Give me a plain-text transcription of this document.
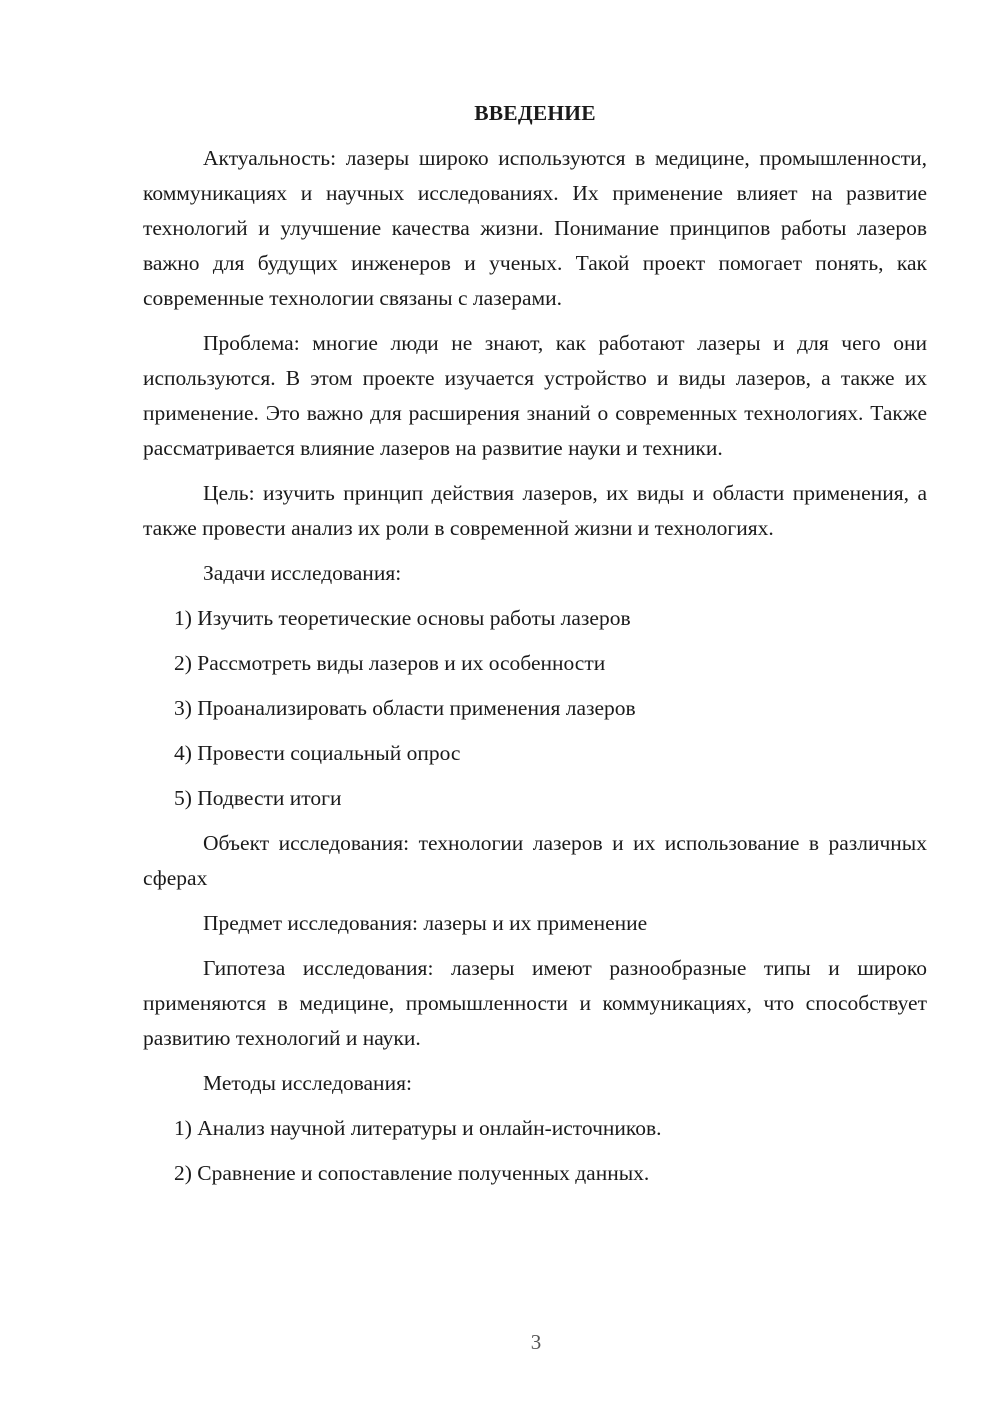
ВВЕДЕНИЕ
Актуальность: лазеры широко используются в медицине, промышленности, коммуникациях и научных исследованиях. Их применение влияет на развитие технологий и улучшение качества жизни. Понимание принципов работы лазеров важно для будущих инженеров и ученых. Такой проект помогает понять, как современные технологии связаны с лазерами.
Проблема: многие люди не знают, как работают лазеры и для чего они используются. В этом проекте изучается устройство и виды лазеров, а также их применение. Это важно для расширения знаний о современных технологиях. Также рассматривается влияние лазеров на развитие науки и техники.
Цель: изучить принцип действия лазеров, их виды и области применения, а также провести анализ их роли в современной жизни и технологиях.
Задачи исследования:
1) Изучить теоретические основы работы лазеров
2) Рассмотреть виды лазеров и их особенности
3) Проанализировать области применения лазеров
4) Провести социальный опрос
5) Подвести итоги
Объект исследования: технологии лазеров и их использование в различных сферах
Предмет исследования: лазеры и их применение
Гипотеза исследования: лазеры имеют разнообразные типы и широко применяются в медицине, промышленности и коммуникациях, что способствует развитию технологий и науки.
Методы исследования:
1) Анализ научной литературы и онлайн-источников.
2) Сравнение и сопоставление полученных данных.
3
